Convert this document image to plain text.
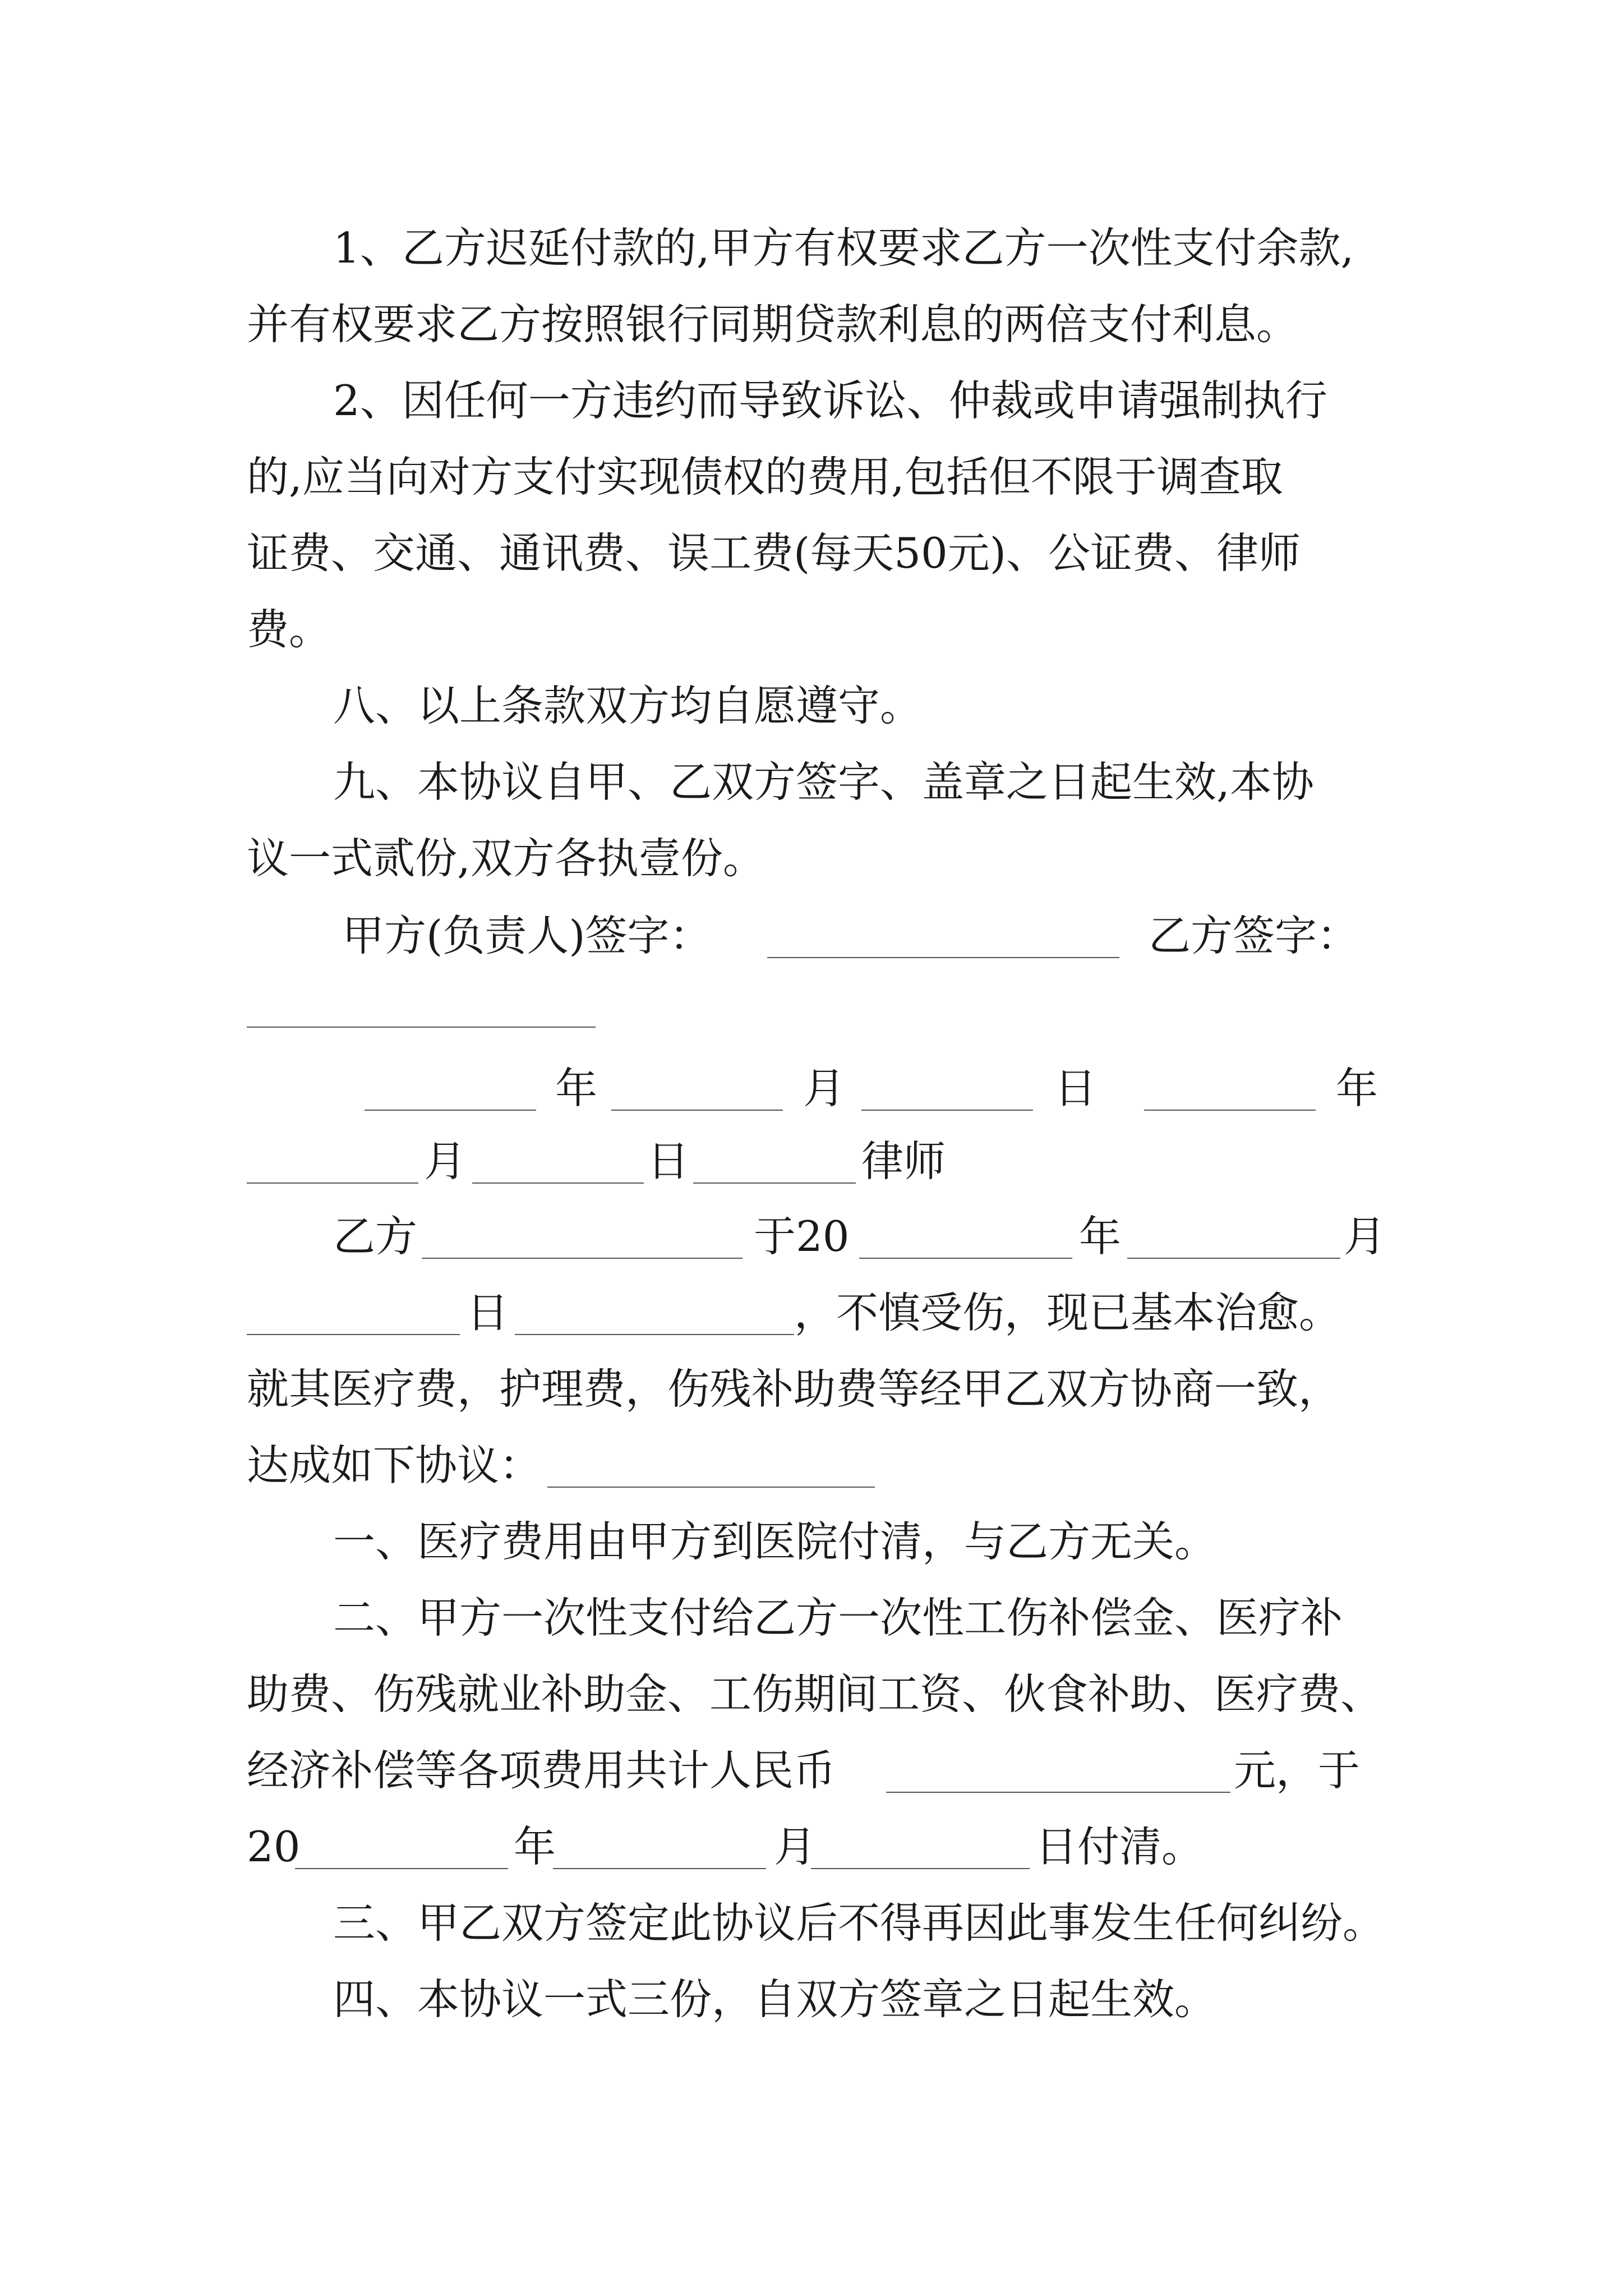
1、乙方迟延付款的,甲方有权要求乙方一次性支付余款,
并有权要求乙方按照银行同期贷款利息的两倍支付利息。
2、因任何一方违约而导致诉讼、仲裁或申请强制执行
的,应当向对方支付实现债权的费用,包括但不限于调查取
证费、交通、通讯费、误工费(每天50元)、公证费、律师
费。
八、以上条款双方均自愿遵守。
九、本协议自甲、乙双方签字、盖章之日起生效,本协
议一式贰份,双方各执壹份。
甲方(负责人)签字：	乙方签字：
年	月	日	年
月	日	律师
乙方	于20	年	月
日	，不慎受伤，现已基本治愈。
就其医疗费，护理费，伤残补助费等经甲乙双方协商一致，
达成如下协议：
一、医疗费用由甲方到医院付清，与乙方无关。
二、甲方一次性支付给乙方一次性工伤补偿金、医疗补
助费、伤残就业补助金、工伤期间工资、伙食补助、医疗费、
经济补偿等各项费用共计人民币	元，于
20	年	月	日付清。
三、甲乙双方签定此协议后不得再因此事发生任何纠纷。
四、本协议一式三份，自双方签章之日起生效。
